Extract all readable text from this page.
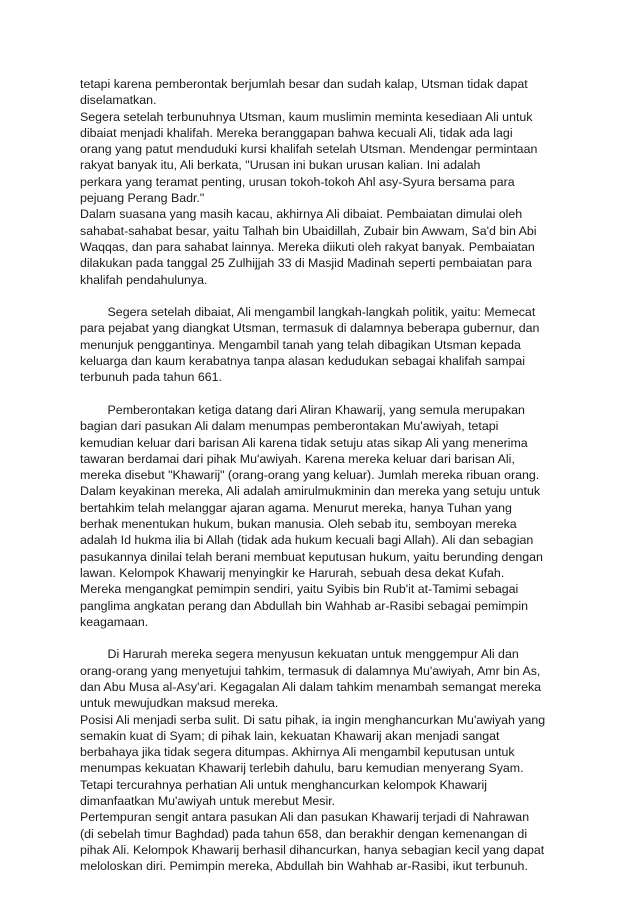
tetapi karena pemberontak berjumlah besar dan sudah kalap, Utsman tidak dapat
diselamatkan.
Segera setelah terbunuhnya Utsman, kaum muslimin meminta kesediaan Ali untuk
dibaiat menjadi khalifah. Mereka beranggapan bahwa kecuali Ali, tidak ada lagi
orang yang patut menduduki kursi khalifah setelah Utsman. Mendengar permintaan
rakyat banyak itu, Ali berkata, "Urusan ini bukan urusan kalian. Ini adalah
perkara yang teramat penting, urusan tokoh-tokoh Ahl asy-Syura bersama para
pejuang Perang Badr."
Dalam suasana yang masih kacau, akhirnya Ali dibaiat. Pembaiatan dimulai oleh
sahabat-sahabat besar, yaitu Talhah bin Ubaidillah, Zubair bin Awwam, Sa'd bin Abi
Waqqas, dan para sahabat lainnya. Mereka diikuti oleh rakyat banyak. Pembaiatan
dilakukan pada tanggal 25 Zulhijjah 33 di Masjid Madinah seperti pembaiatan para
khalifah pendahulunya.
Segera setelah dibaiat, Ali mengambil langkah-langkah politik, yaitu: Memecat
para pejabat yang diangkat Utsman, termasuk di dalamnya beberapa gubernur, dan
menunjuk penggantinya. Mengambil tanah yang telah dibagikan Utsman kepada
keluarga dan kaum kerabatnya tanpa alasan kedudukan sebagai khalifah sampai
terbunuh pada tahun 661.
Pemberontakan ketiga datang dari Aliran Khawarij, yang semula merupakan
bagian dari pasukan Ali dalam menumpas pemberontakan Mu'awiyah, tetapi
kemudian keluar dari barisan Ali karena tidak setuju atas sikap Ali yang menerima
tawaran berdamai dari pihak Mu'awiyah. Karena mereka keluar dari barisan Ali,
mereka disebut "Khawarij" (orang-orang yang keluar). Jumlah mereka ribuan orang.
Dalam keyakinan mereka, Ali adalah amirulmukminin dan mereka yang setuju untuk
bertahkim telah melanggar ajaran agama. Menurut mereka, hanya Tuhan yang
berhak menentukan hukum, bukan manusia. Oleh sebab itu, semboyan mereka
adalah Id hukma ilia bi Allah (tidak ada hukum kecuali bagi Allah). Ali dan sebagian
pasukannya dinilai telah berani membuat keputusan hukum, yaitu berunding dengan
lawan. Kelompok Khawarij menyingkir ke Harurah, sebuah desa dekat Kufah.
Mereka mengangkat pemimpin sendiri, yaitu Syibis bin Rub'it at-Tamimi sebagai
panglima angkatan perang dan Abdullah bin Wahhab ar-Rasibi sebagai pemimpin
keagamaan.
Di Harurah mereka segera menyusun kekuatan untuk menggempur Ali dan
orang-orang yang menyetujui tahkim, termasuk di dalamnya Mu'awiyah, Amr bin As,
dan Abu Musa al-Asy'ari. Kegagalan Ali dalam tahkim menambah semangat mereka
untuk mewujudkan maksud mereka.
Posisi Ali menjadi serba sulit. Di satu pihak, ia ingin menghancurkan Mu'awiyah yang
semakin kuat di Syam; di pihak lain, kekuatan Khawarij akan menjadi sangat
berbahaya jika tidak segera ditumpas. Akhirnya Ali mengambil keputusan untuk
menumpas kekuatan Khawarij terlebih dahulu, baru kemudian menyerang Syam.
Tetapi tercurahnya perhatian Ali untuk menghancurkan kelompok Khawarij
dimanfaatkan Mu'awiyah untuk merebut Mesir.
Pertempuran sengit antara pasukan Ali dan pasukan Khawarij terjadi di Nahrawan
(di sebelah timur Baghdad) pada tahun 658, dan berakhir dengan kemenangan di
pihak Ali. Kelompok Khawarij berhasil dihancurkan, hanya sebagian kecil yang dapat
meloloskan diri. Pemimpin mereka, Abdullah bin Wahhab ar-Rasibi, ikut terbunuh.
